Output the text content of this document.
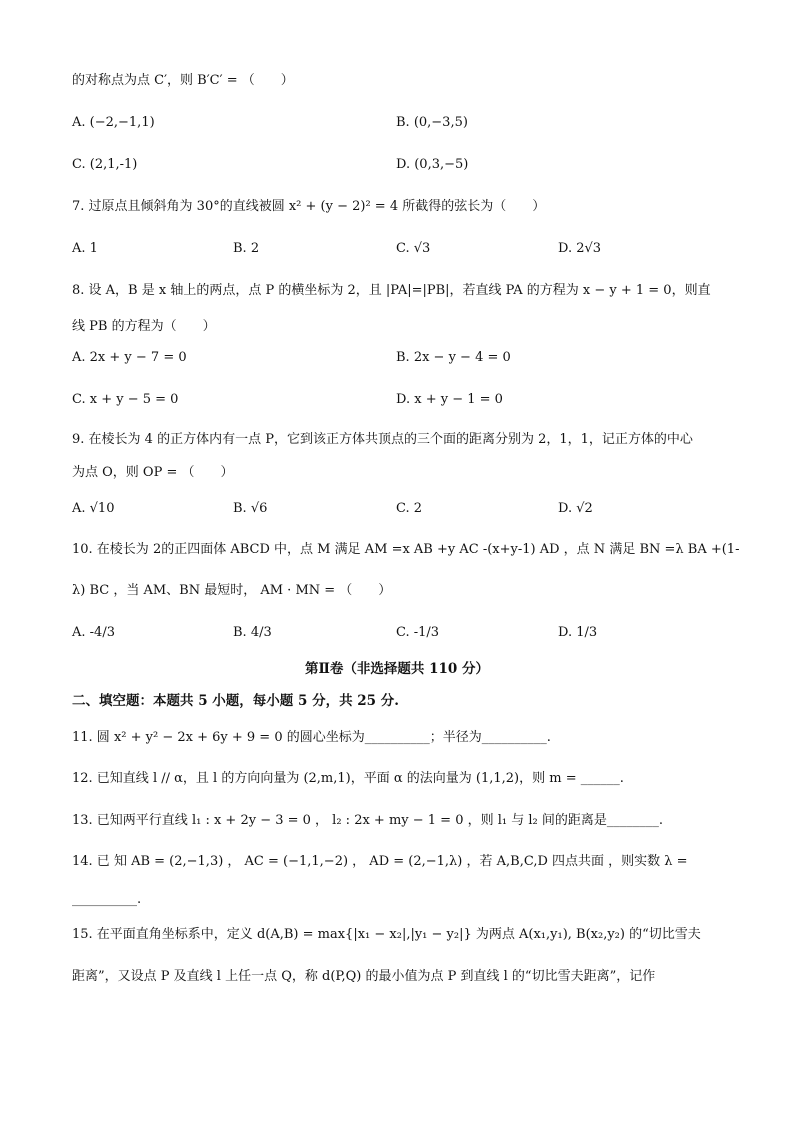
的对称点为点 C′，则 B′C′ = （　　）
A. (−2,−1,1)	B. (0,−3,5)
C. (2,1,-1)	D. (0,3,−5)
7. 过原点且倾斜角为 30°的直线被圆 x² + (y − 2)² = 4 所截得的弦长为（　　）
A. 1	B. 2	C. √3	D. 2√3
8. 设 A，B 是 x 轴上的两点，点 P 的横坐标为 2，且 |PA|=|PB|，若直线 PA 的方程为 x − y + 1 = 0，则直
线 PB 的方程为（　　）
A. 2x + y − 7 = 0	B. 2x − y − 4 = 0
C. x + y − 5 = 0	D. x + y − 1 = 0
9. 在棱长为 4 的正方体内有一点 P，它到该正方体共顶点的三个面的距离分别为 2，1，1，记正方体的中心
为点 O，则 OP = （　　）
A. √10	B. √6	C. 2	D. √2
10. 在棱长为 2的正四面体 ABCD 中，点 M 满足 AM =x AB +y AC -(x+y-1) AD ，点 N 满足 BN =λ BA +(1-
λ) BC ，当 AM、BN 最短时， AM · MN = （　　）
A. -4/3	B. 4/3	C. -1/3	D. 1/3
第Ⅱ卷（非选择题共 110 分）
二、填空题：本题共 5 小题，每小题 5 分，共 25 分.
11. 圆 x² + y² − 2x + 6y + 9 = 0 的圆心坐标为__________；半径为__________.
12. 已知直线 l // α，且 l 的方向向量为 (2,m,1)，平面 α 的法向量为 (1,1,2)，则 m = ______.
13. 已知两平行直线 l₁ : x + 2y − 3 = 0 ， l₂ : 2x + my − 1 = 0 ，则 l₁ 与 l₂ 间的距离是________.
14. 已 知 AB = (2,−1,3) ， AC = (−1,1,−2) ， AD = (2,−1,λ) ，若 A,B,C,D 四点共面 ，则实数 λ =
__________.
15. 在平面直角坐标系中，定义 d(A,B) = max{|x₁ − x₂|,|y₁ − y₂|} 为两点 A(x₁,y₁), B(x₂,y₂) 的“切比雪夫
距离”，又设点 P 及直线 l 上任一点 Q，称 d(P,Q) 的最小值为点 P 到直线 l 的“切比雪夫距离”，记作
